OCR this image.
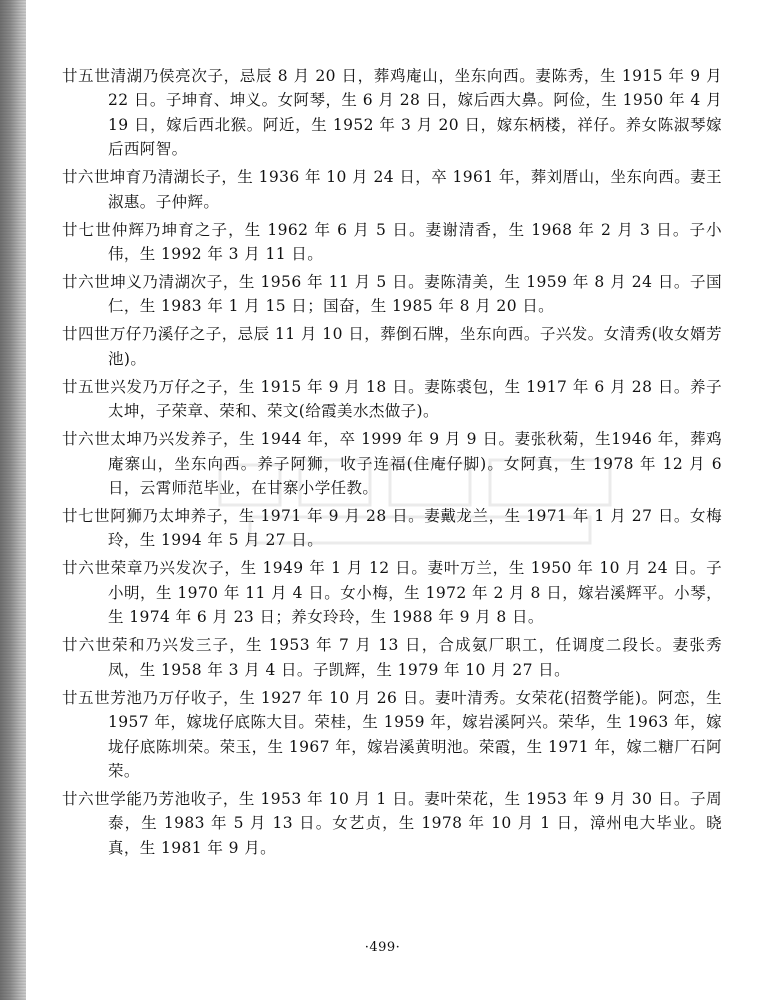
廿五世清湖乃侯亮次子，忌辰 8 月 20 日，葬鸡庵山，坐东向西。妻陈秀，生 1915 年 9 月 22 日。子坤育、坤义。女阿琴，生 6 月 28 日，嫁后西大鼻。阿俭，生 1950 年 4 月 19 日，嫁后西北猴。阿近，生 1952 年 3 月 20 日，嫁东柄楼，祥仔。养女陈淑琴嫁后西阿智。

廿六世坤育乃清湖长子，生 1936 年 10 月 24 日，卒 1961 年，葬刘厝山，坐东向西。妻王淑惠。子仲辉。

廿七世仲辉乃坤育之子，生 1962 年 6 月 5 日。妻谢清香，生 1968 年 2 月 3 日。子小伟，生 1992 年 3 月 11 日。

廿六世坤义乃清湖次子，生 1956 年 11 月 5 日。妻陈清美，生 1959 年 8 月 24 日。子国仁，生 1983 年 1 月 15 日；国奋，生 1985 年 8 月 20 日。

廿四世万仔乃溪仔之子，忌辰 11 月 10 日，葬倒石牌，坐东向西。子兴发。女清秀(收女婿芳池)。

廿五世兴发乃万仔之子，生 1915 年 9 月 18 日。妻陈裘包，生 1917 年 6 月 28 日。养子太坤，子荣章、荣和、荣文(给霞美水杰做子)。

廿六世太坤乃兴发养子，生 1944 年，卒 1999 年 9 月 9 日。妻张秋菊，生1946 年，葬鸡庵寨山，坐东向西。养子阿狮，收子连福(住庵仔脚)。女阿真，生 1978 年 12 月 6 日，云霄师范毕业，在甘寨小学任教。

廿七世阿狮乃太坤养子，生 1971 年 9 月 28 日。妻戴龙兰，生 1971 年 1 月 27 日。女梅玲，生 1994 年 5 月 27 日。

廿六世荣章乃兴发次子，生 1949 年 1 月 12 日。妻叶万兰，生 1950 年 10 月 24 日。子小明，生 1970 年 11 月 4 日。女小梅，生 1972 年 2 月 8 日，嫁岩溪辉平。小琴，生 1974 年 6 月 23 日；养女玲玲，生 1988 年 9 月 8 日。

廿六世荣和乃兴发三子，生 1953 年 7 月 13 日，合成氨厂职工，任调度二段长。妻张秀凤，生 1958 年 3 月 4 日。子凯辉，生 1979 年 10 月 27 日。

廿五世芳池乃万仔收子，生 1927 年 10 月 26 日。妻叶清秀。女荣花(招赘学能)。阿恋，生 1957 年，嫁垅仔底陈大目。荣桂，生 1959 年，嫁岩溪阿兴。荣华，生 1963 年，嫁垅仔底陈圳荣。荣玉，生 1967 年，嫁岩溪黄明池。荣霞，生 1971 年，嫁二糖厂石阿荣。

廿六世学能乃芳池收子，生 1953 年 10 月 1 日。妻叶荣花，生 1953 年 9 月 30 日。子周泰，生 1983 年 5 月 13 日。女艺贞，生 1978 年 10 月 1 日，漳州电大毕业。晓真，生 1981 年 9 月。

·499·
